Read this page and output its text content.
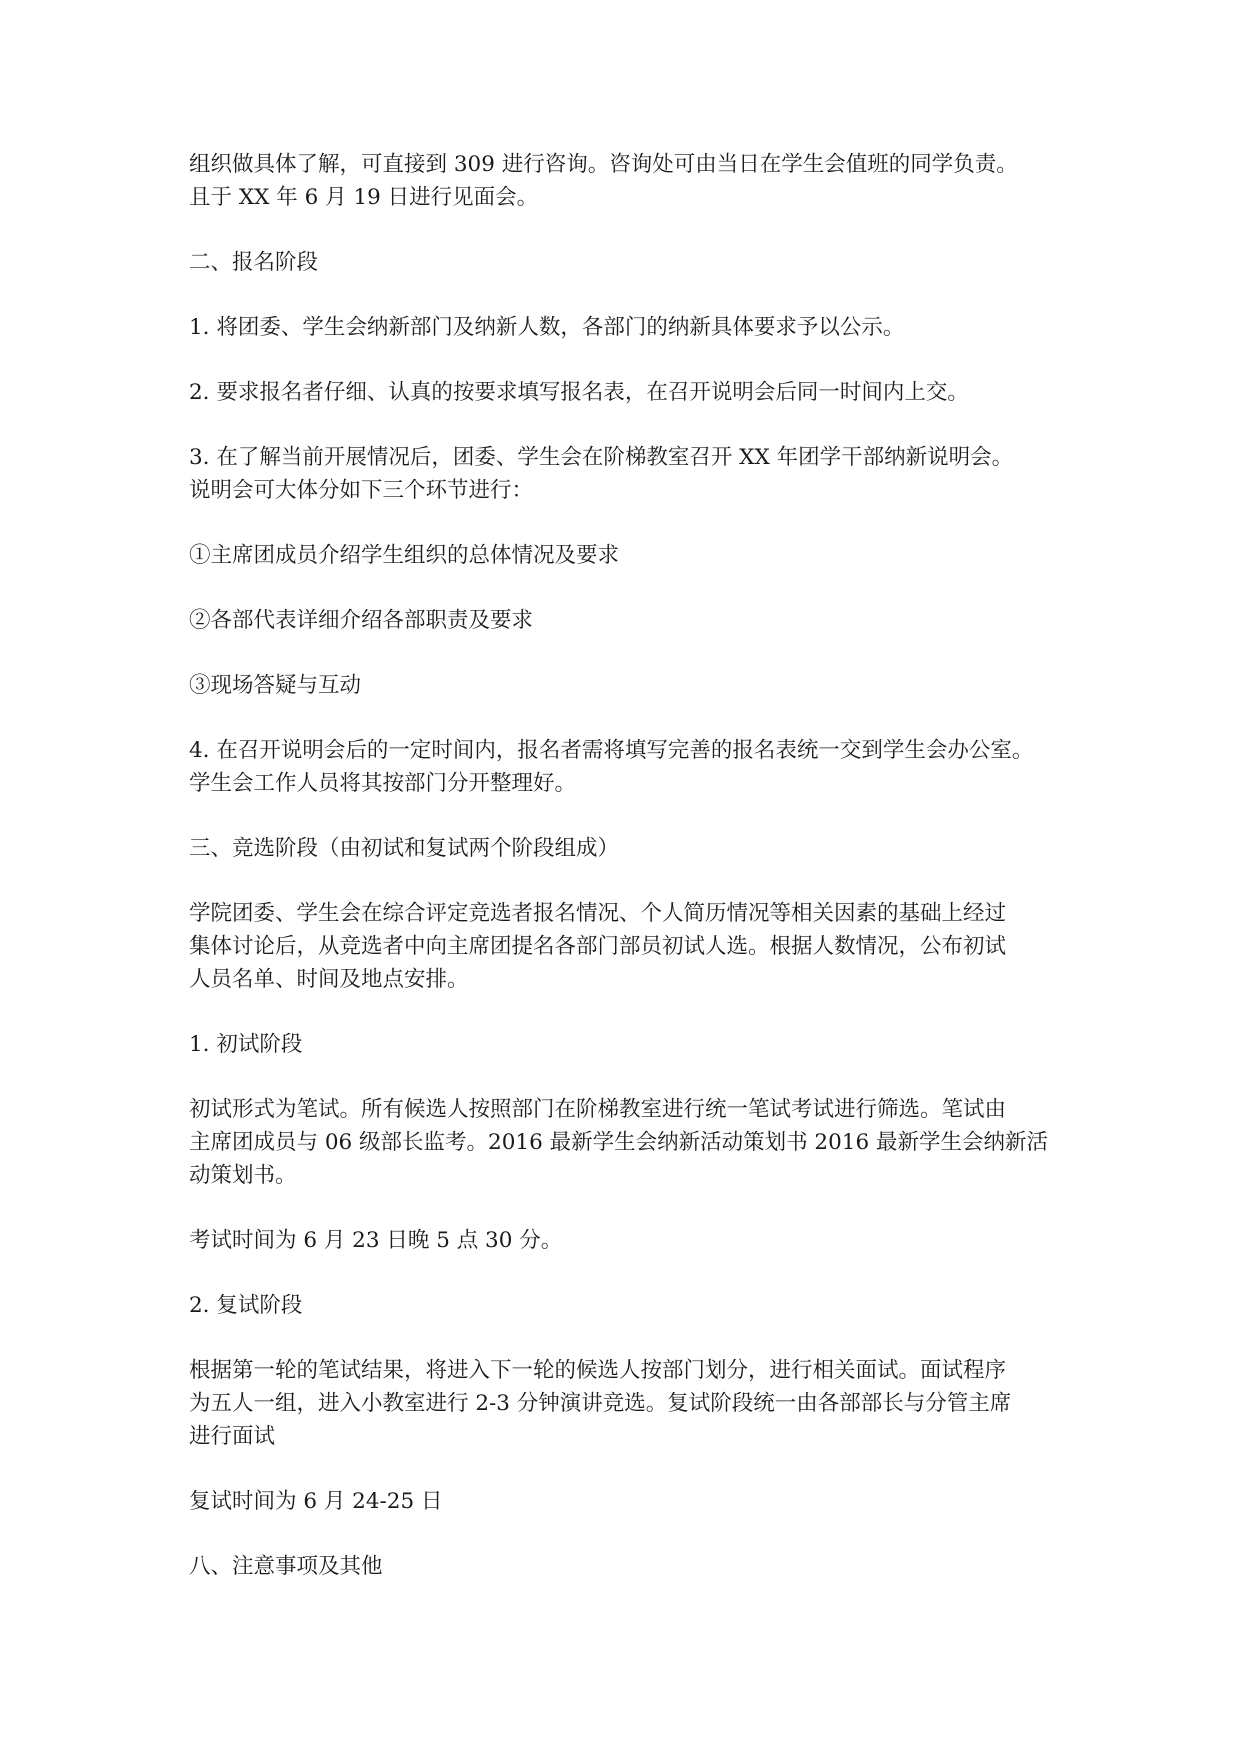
组织做具体了解，可直接到 309 进行咨询。咨询处可由当日在学生会值班的同学负责。
且于 XX 年 6 月 19 日进行见面会。

二、报名阶段

1. 将团委、学生会纳新部门及纳新人数，各部门的纳新具体要求予以公示。

2. 要求报名者仔细、认真的按要求填写报名表，在召开说明会后同一时间内上交。

3. 在了解当前开展情况后，团委、学生会在阶梯教室召开 XX 年团学干部纳新说明会。
说明会可大体分如下三个环节进行：

①主席团成员介绍学生组织的总体情况及要求

②各部代表详细介绍各部职责及要求

③现场答疑与互动

4. 在召开说明会后的一定时间内，报名者需将填写完善的报名表统一交到学生会办公室。
学生会工作人员将其按部门分开整理好。

三、竞选阶段（由初试和复试两个阶段组成）

学院团委、学生会在综合评定竞选者报名情况、个人简历情况等相关因素的基础上经过
集体讨论后，从竞选者中向主席团提名各部门部员初试人选。根据人数情况，公布初试
人员名单、时间及地点安排。

1. 初试阶段

初试形式为笔试。所有候选人按照部门在阶梯教室进行统一笔试考试进行筛选。笔试由
主席团成员与 06 级部长监考。2016 最新学生会纳新活动策划书 2016 最新学生会纳新活
动策划书。

考试时间为 6 月 23 日晚 5 点 30 分。

2. 复试阶段

根据第一轮的笔试结果，将进入下一轮的候选人按部门划分，进行相关面试。面试程序
为五人一组，进入小教室进行 2-3 分钟演讲竞选。复试阶段统一由各部部长与分管主席
进行面试

复试时间为 6 月 24-25 日

八、注意事项及其他
